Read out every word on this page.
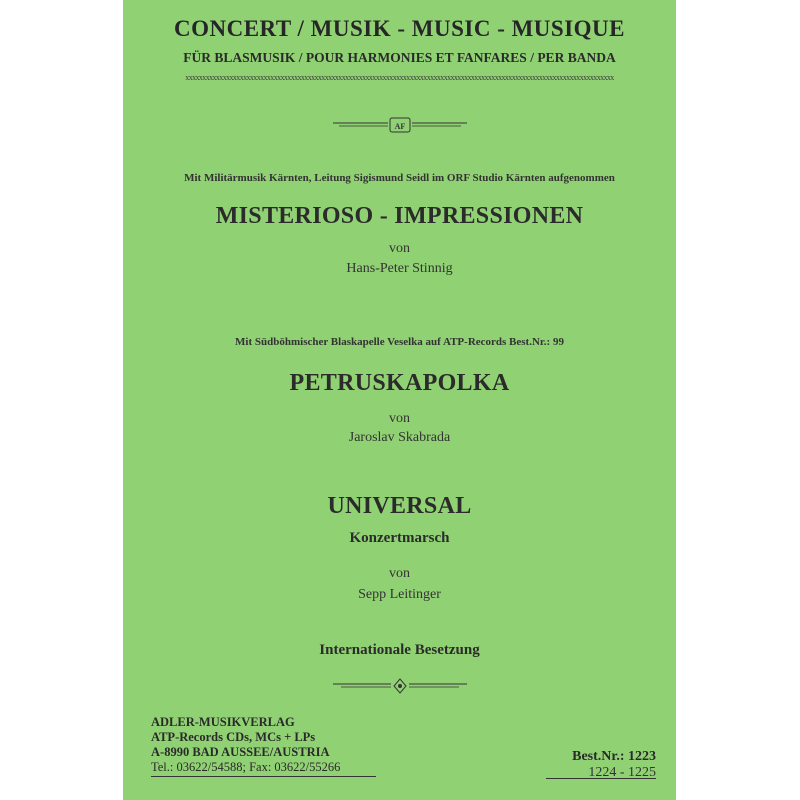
CONCERT / MUSIK - MUSIC - MUSIQUE
FÜR BLASMUSIK / POUR HARMONIES ET FANFARES / PER BANDA
xxxxxxxxxxxxxxxxxxxxxxxxxxxxxxxxxxxxxxxxxxxxxxxxxxxxxxxxxxxxxxxxxxxxxxxxxxxxxxxxxxxxxxxxxxxxxxxxxxxxxxxxxxxxxxxxxxxxxxxxxxxxxx
AF
Mit Militärmusik Kärnten, Leitung Sigismund Seidl im ORF Studio Kärnten aufgenommen
MISTERIOSO - IMPRESSIONEN
von
Hans-Peter Stinnig
Mit Südböhmischer Blaskapelle Veselka auf ATP-Records Best.Nr.: 99
PETRUSKAPOLKA
von
Jaroslav Skabrada
UNIVERSAL
Konzertmarsch
von
Sepp Leitinger
Internationale Besetzung
ADLER-MUSIKVERLAG
ATP-Records CDs, MCs + LPs
A-8990 BAD AUSSEE/AUSTRIA
Tel.: 03622/54588; Fax: 03622/55266
Best.Nr.: 1223
1224 - 1225
